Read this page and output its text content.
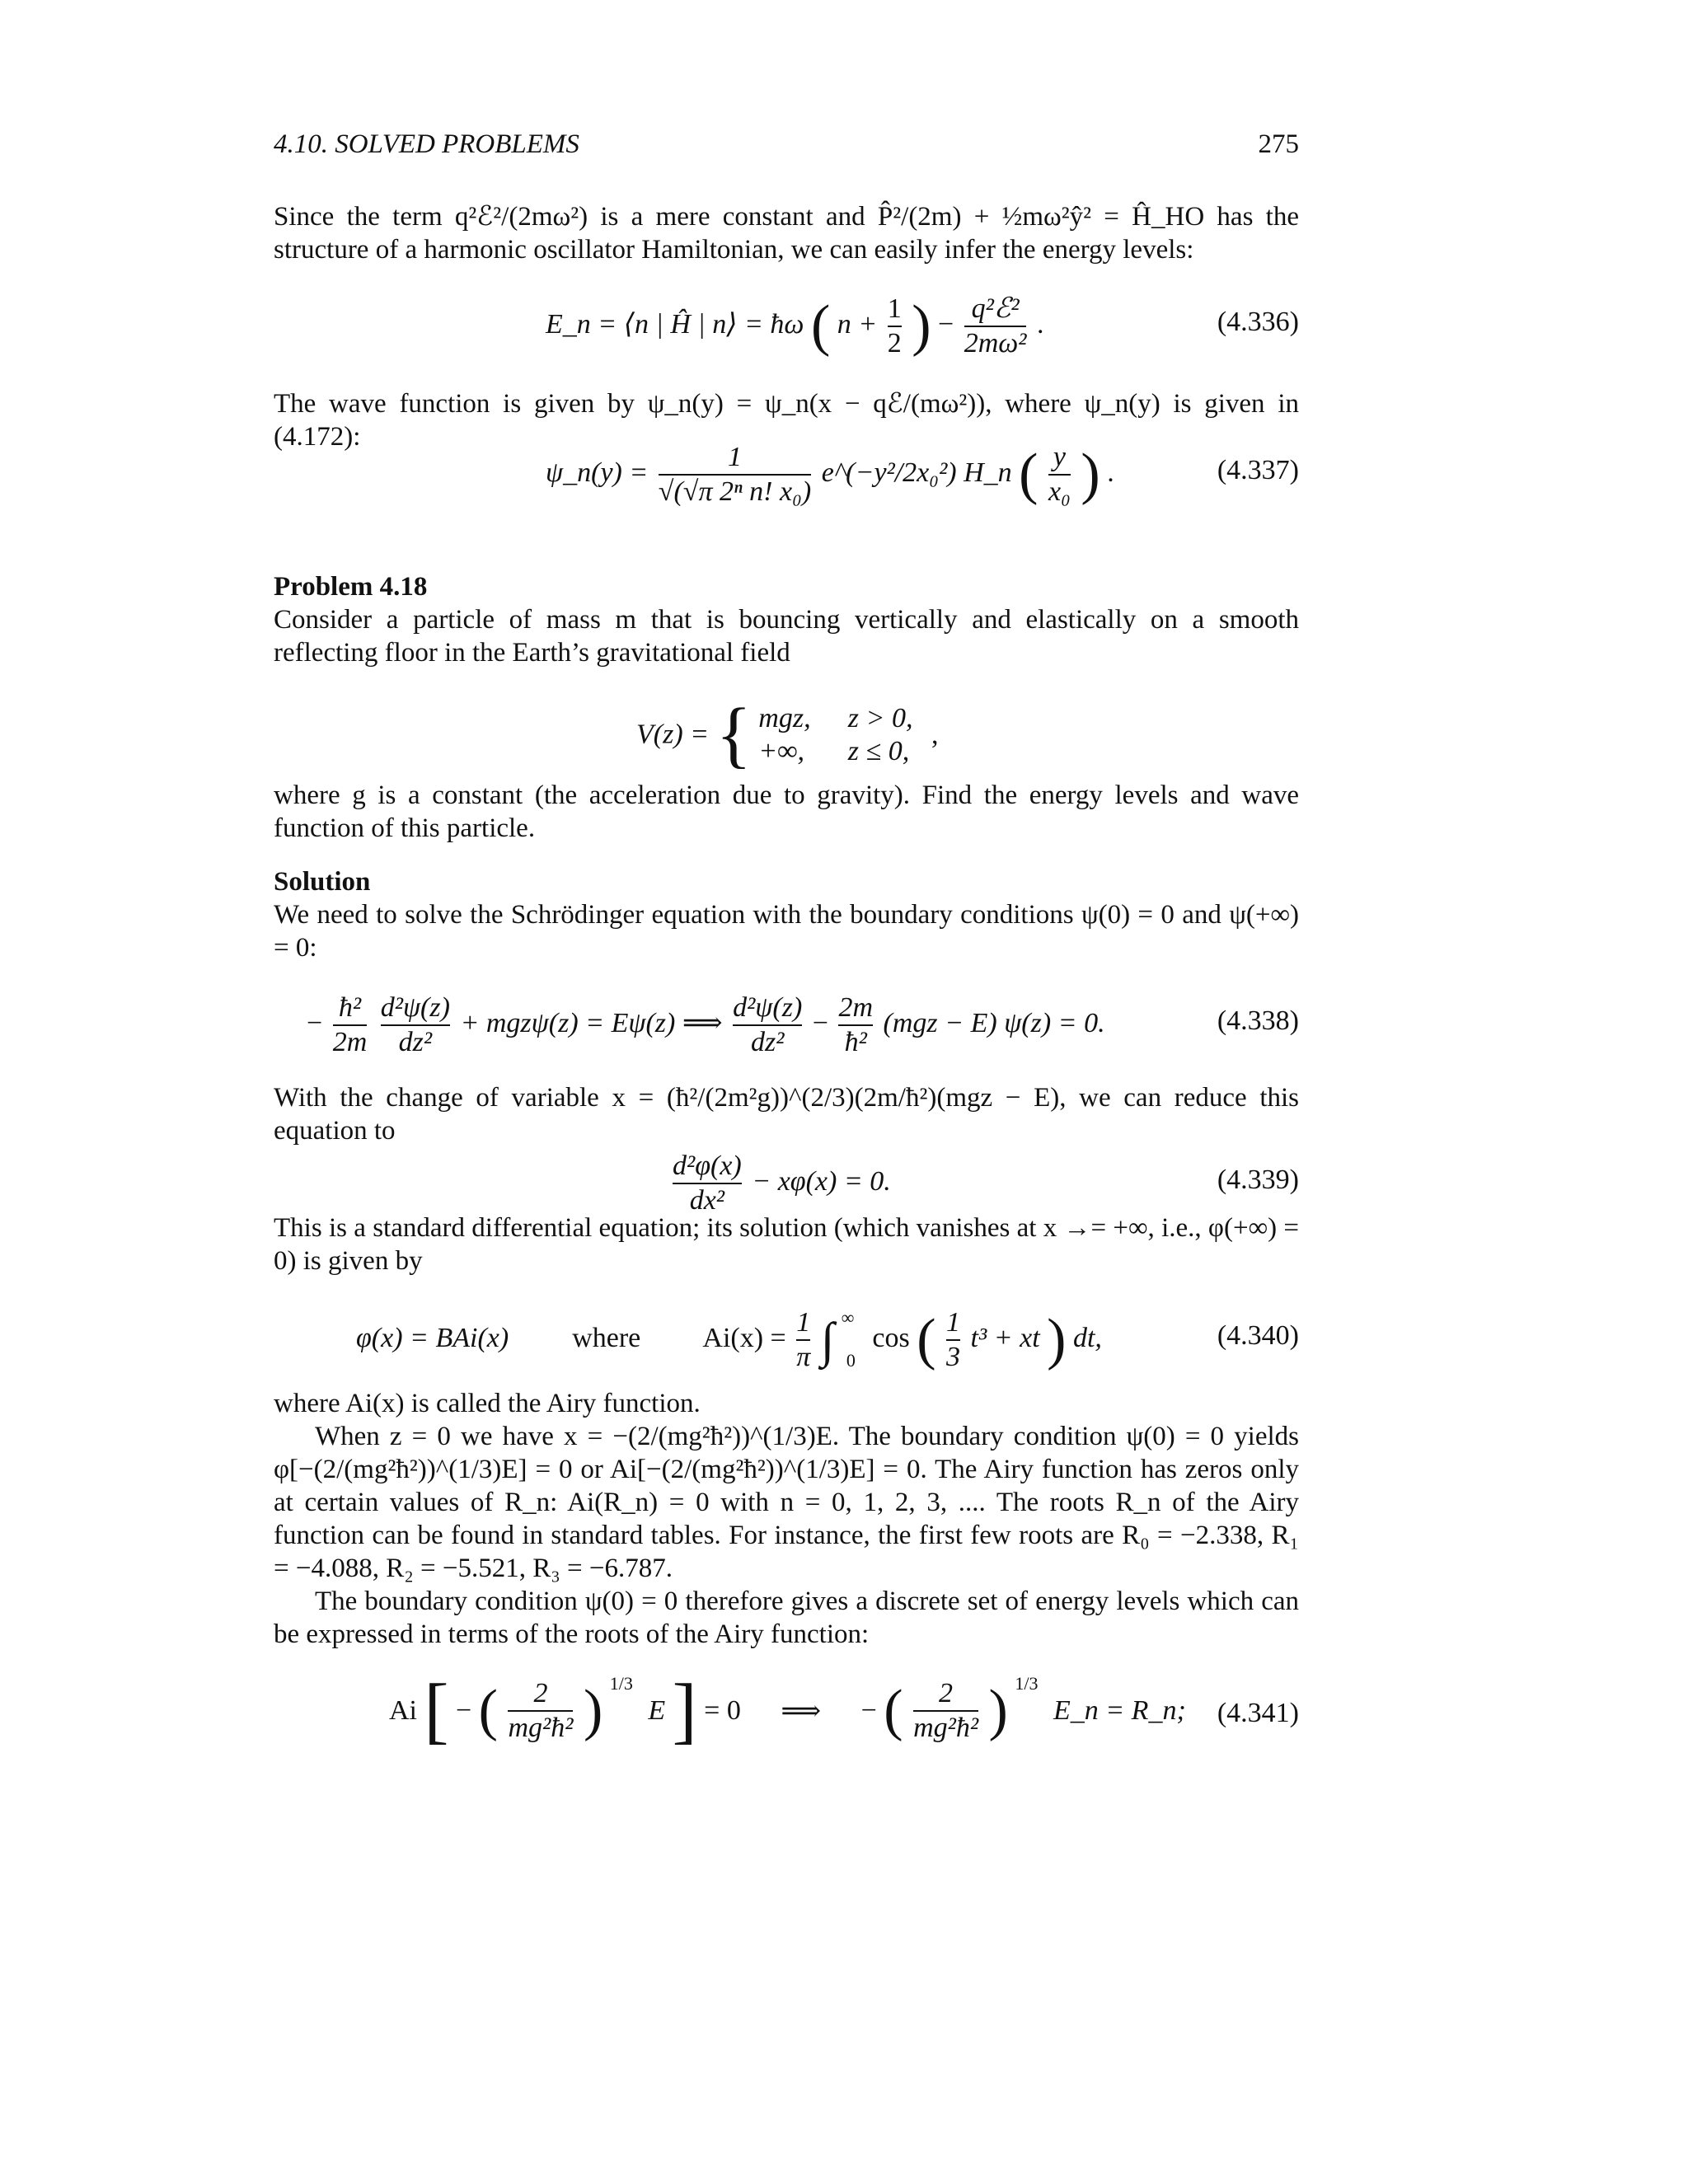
4.10. SOLVED PROBLEMS	275
Since the term q²ℰ²/(2mω²) is a mere constant and P̂²/(2m) + ½mω²ŷ² = Ĥ_HO has the structure of a harmonic oscillator Hamiltonian, we can easily infer the energy levels:
E_n = ⟨n | Ĥ | n⟩ = ħω ( $n + \frac{1}{2}$ ) − $\frac{\text{q²ℰ²}}{\text{2mω²}}$ .	(4.336)
The wave function is given by ψ_n(y) = ψ_n(x − qℰ/(mω²)), where ψ_n(y) is given in (4.172):
ψ_n(y) = $\frac{1}{\text{√(√π 2ⁿ n! x₀)}}$ e^(−y²/2x₀²) H_n ( $\frac{y}{\text{x₀}}$ ) .	(4.337)
Problem 4.18
Consider a particle of mass m that is bouncing vertically and elastically on a smooth reflecting floor in the Earth’s gravitational field
V(z) = { mgz, z > 0,
+∞, z ≤ 0,
,
where g is a constant (the acceleration due to gravity). Find the energy levels and wave function of this particle.
Solution
We need to solve the Schrödinger equation with the boundary conditions ψ(0) = 0 and ψ(+∞) = 0:
− $\frac{\text{ħ²}}{2m}$
$\frac{\text{d²ψ(z)}}{\text{dz²}} + mgz\psi(z) = E\psi(z)$ ⟹ $\frac{\text{d²ψ(z)}}{\text{dz²}} - \frac{2m}{\text{ħ²}} (mgz - E) \psi(z) = 0$.	(4.338)
With the change of variable x = (ħ²/(2m²g))^(2/3)(2m/ħ²)(mgz − E), we can reduce this equation to
$\frac{\text{d²φ(x)}}{\text{dx²}} - x\varphi(x) = 0$.	(4.339)
This is a standard differential equation; its solution (which vanishes at x →= +∞, i.e., φ(+∞) = 0) is given by
φ(x) = BAi(x) where $Ai(x) = \frac{1}{\pi}$ ∫ ∞ $_0$ cos ( $\frac{1}{3} t^3$ + xt ) dt,	(4.340)
where Ai(x) is called the Airy function.
When z = 0 we have x = −(2/(mg²ħ²))^(1/3)E. The boundary condition ψ(0) = 0 yields φ[−(2/(mg²ħ²))^(1/3)E] = 0 or Ai[−(2/(mg²ħ²))^(1/3)E] = 0. The Airy function has zeros only at certain values of R_n: Ai(R_n) = 0 with n = 0, 1, 2, 3, .... The roots R_n of the Airy function can be found in standard tables. For instance, the first few roots are R₀ = −2.338, R₁ = −4.088, R₂ = −5.521, R₃ = −6.787.
The boundary condition ψ(0) = 0 therefore gives a discrete set of energy levels which can be expressed in terms of the roots of the Airy function:
Ai [ − ( $\frac{2}{\text{mg²ħ²}}$ ) $^{1/3}$ E ] = 0 ⟹ − ( $\frac{2}{\text{mg²ħ²}}$ ) $^{1/3}$ E_n = R_n; (4.341)
